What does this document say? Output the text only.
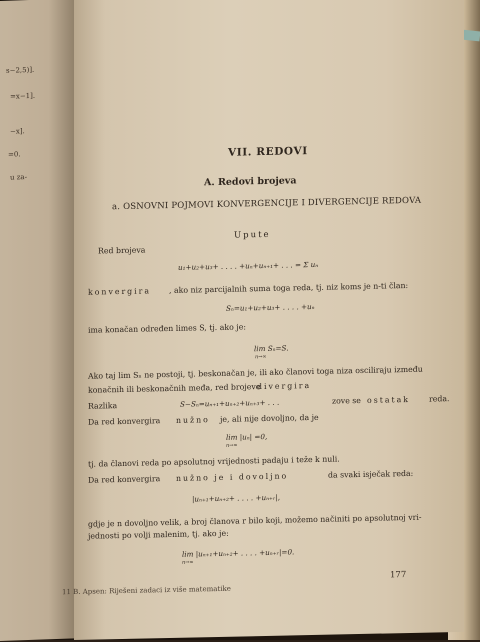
s−2,5)].
=x−1].
−x].
=0.
u za-
VII. REDOVI
A. Redovi brojeva
a. OSNOVNI POJMOVI KONVERGENCIJE I DIVERGENCIJE REDOVA
Upute
Red brojeva
u₁+u₂+u₃+ . . . . +uₙ+uₙ₊₁+ . . . = Σ uₙ
konvergira , ako niz parcijalnih suma toga reda, tj. niz koms je n-ti član:
Sₙ=u₁+u₂+u₃+ . . . . +uₙ
ima konačan određen limes S, tj. ako je:
lim Sₙ=S.
n→∞
Ako taj lim Sₙ ne postoji, tj. beskonačan je, ili ako članovi toga niza osciliraju između
konačnih ili beskonačnih međa, red brojeve
divergira
Razlika	S−Sₙ=uₙ₊₁+uₙ₊₂+uₙ₊₃+ . . .	zove se ostatak reda.
Da red konvergira nužno je, ali nije dovoljno, da je
lim |uₙ| =0,
n→∞
tj. da članovi reda po apsolutnoj vrijednosti padaju i teže k nuli.
Da red konvergira nužno je i dovoljno	da svaki isječak reda:
|uₙ₊₁+uₙ₊₂+ . . . . +uₙ₊ᵣ|,
gdje je n dovoljno velik, a broj članova r bilo koji, možemo načiniti po apsolutnoj vri-
jednosti po volji malenim, tj. ako je:
lim |uₙ₊₁+uₙ₊₂+ . . . . +uₙ₊ᵣ|=0.
n→∞
11 B. Apsen: Riješeni zadaci iz više matematike
177
